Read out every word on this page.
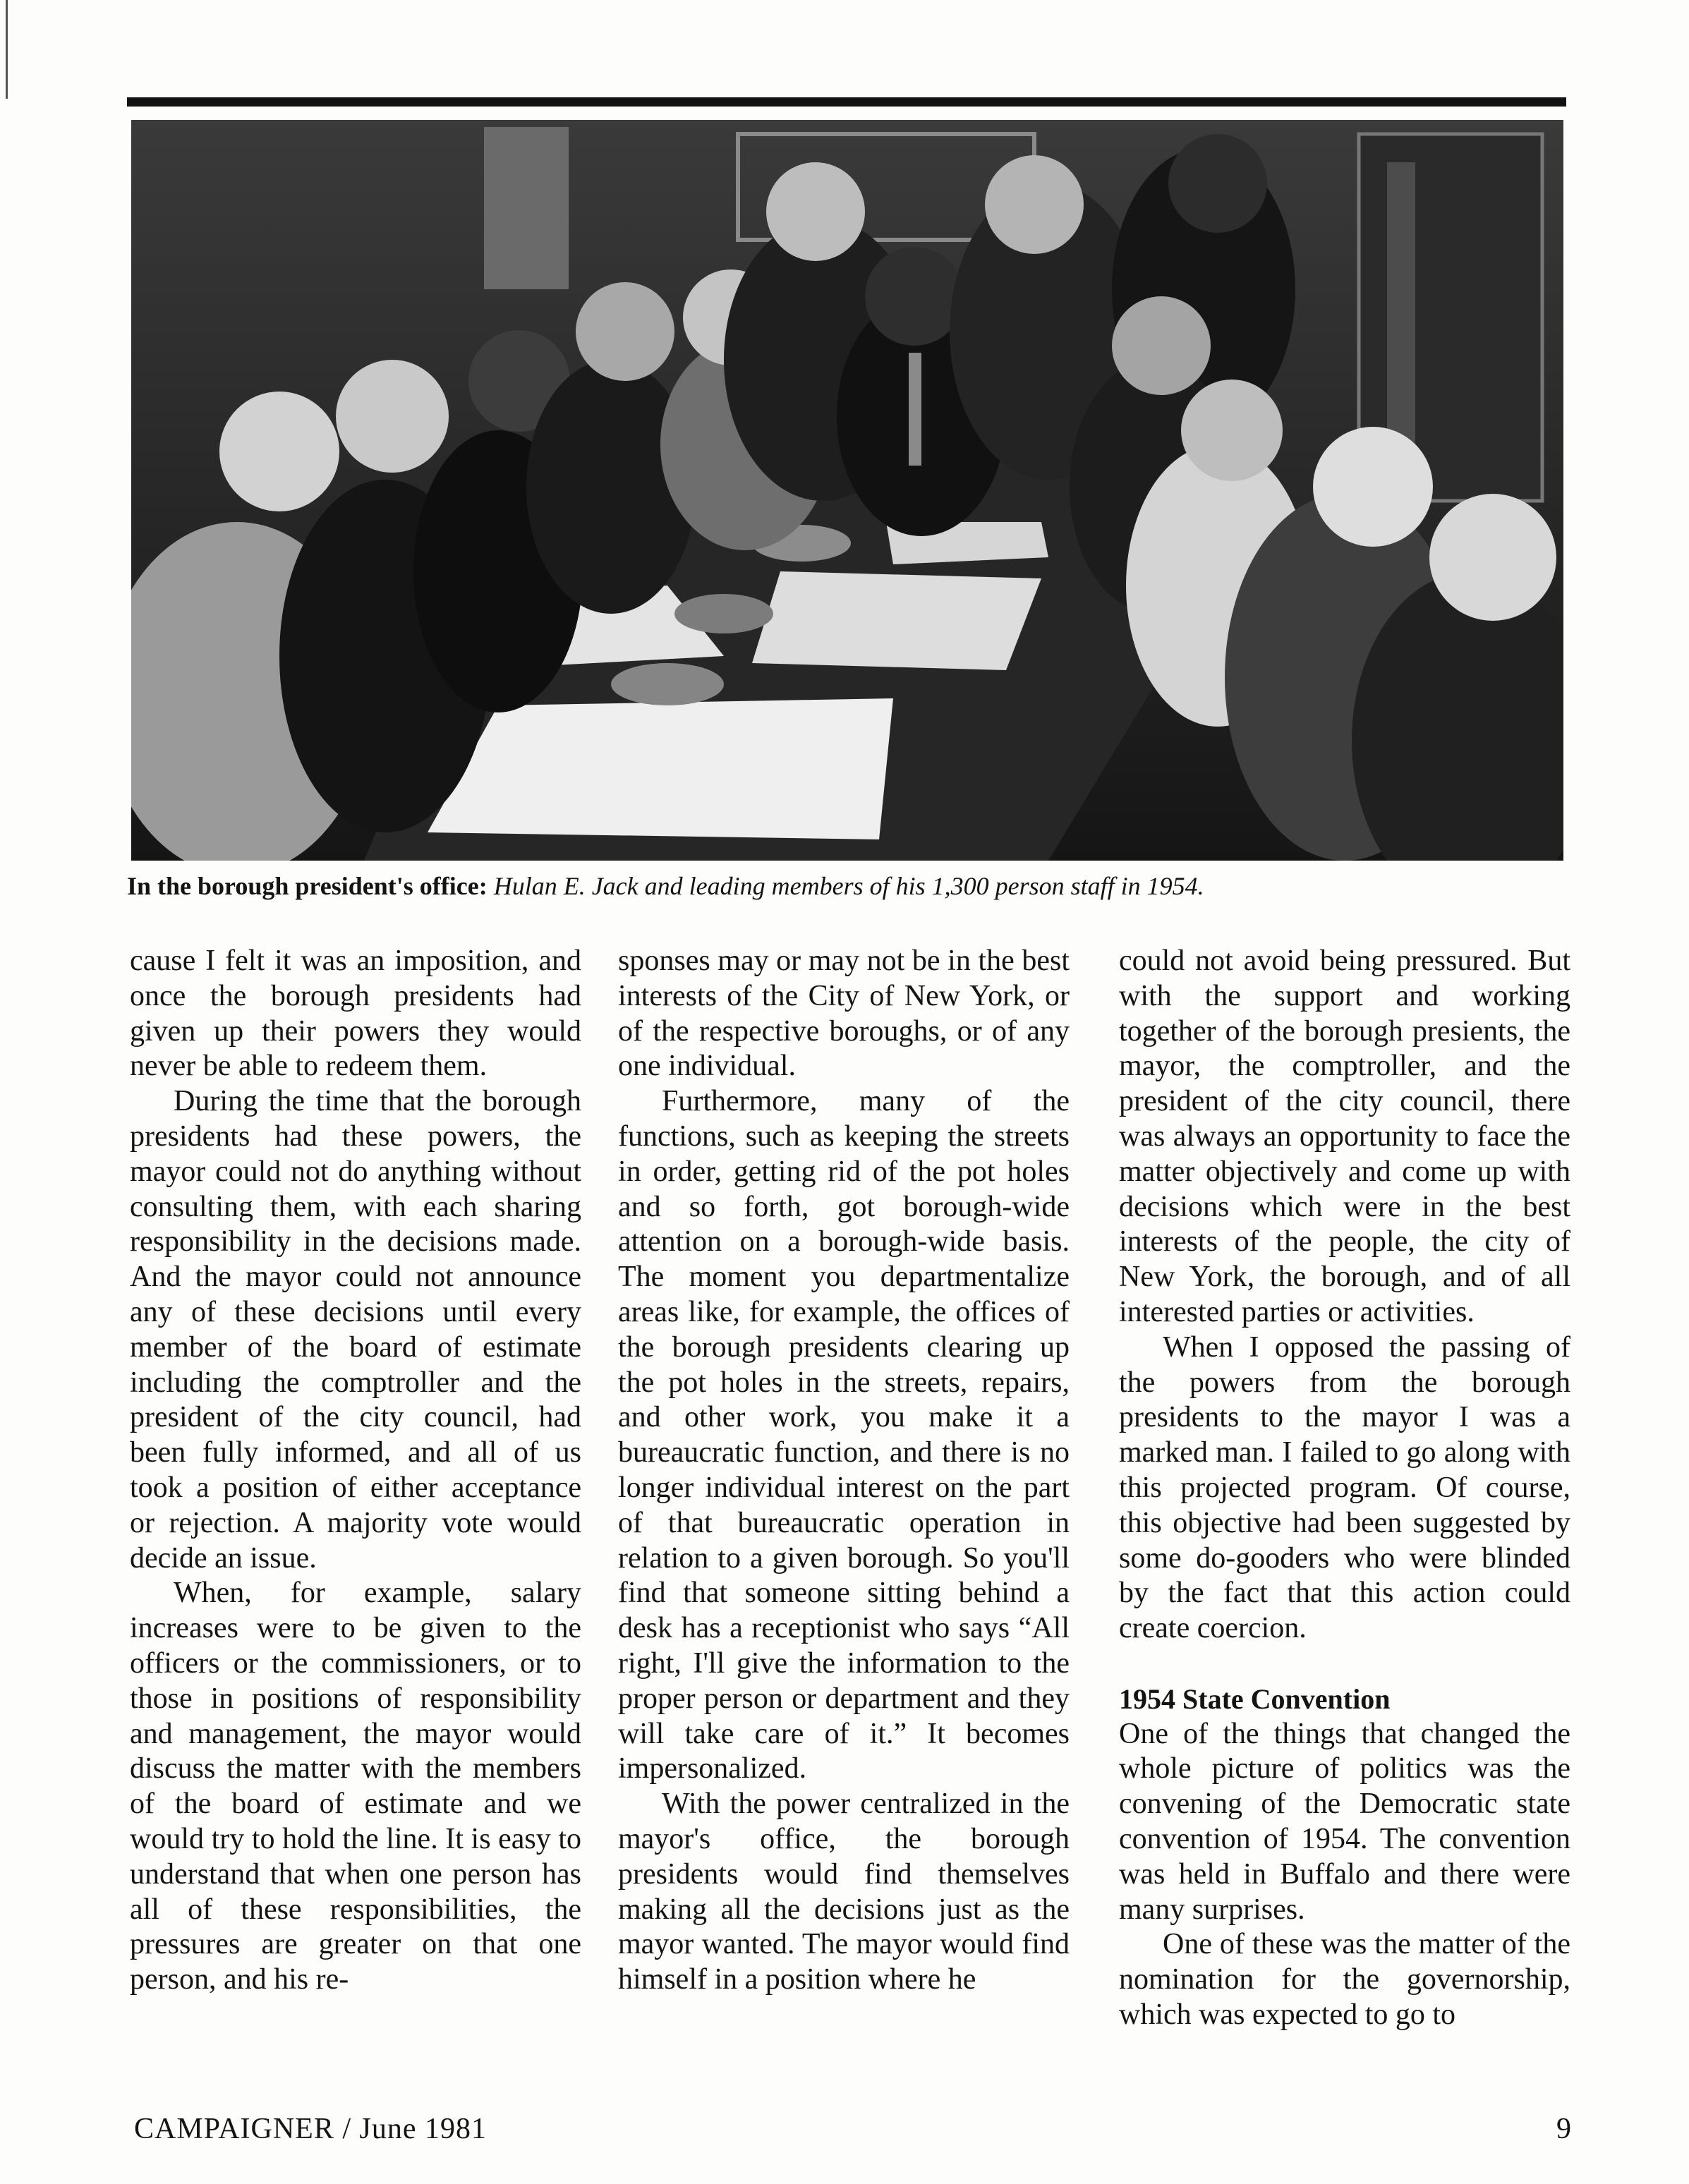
In the borough president's office: Hulan E. Jack and leading members of his 1,300 person staff in 1954.

cause I felt it was an imposition, and once the borough presidents had given up their powers they would never be able to redeem them.

During the time that the borough presidents had these powers, the mayor could not do anything without consulting them, with each sharing responsibility in the decisions made. And the mayor could not announce any of these decisions until every member of the board of estimate including the comptroller and the president of the city council, had been fully informed, and all of us took a position of either acceptance or rejection. A majority vote would decide an issue.

When, for example, salary increases were to be given to the officers or the commissioners, or to those in positions of responsibility and management, the mayor would discuss the matter with the members of the board of estimate and we would try to hold the line. It is easy to understand that when one person has all of these responsibilities, the pressures are greater on that one person, and his re-

sponses may or may not be in the best interests of the City of New York, or of the respective boroughs, or of any one individual.

Furthermore, many of the functions, such as keeping the streets in order, getting rid of the pot holes and so forth, got borough-wide attention on a borough-wide basis. The moment you departmentalize areas like, for example, the offices of the borough presidents clearing up the pot holes in the streets, repairs, and other work, you make it a bureaucratic function, and there is no longer individual interest on the part of that bureaucratic operation in relation to a given borough. So you'll find that someone sitting behind a desk has a receptionist who says “All right, I'll give the information to the proper person or department and they will take care of it.” It becomes impersonalized.

With the power centralized in the mayor's office, the borough presidents would find themselves making all the decisions just as the mayor wanted. The mayor would find himself in a position where he

could not avoid being pressured. But with the support and working together of the borough presients, the mayor, the comptroller, and the president of the city council, there was always an opportunity to face the matter objectively and come up with decisions which were in the best interests of the people, the city of New York, the borough, and of all interested parties or activities.

When I opposed the passing of the powers from the borough presidents to the mayor I was a marked man. I failed to go along with this projected program. Of course, this objective had been suggested by some do-gooders who were blinded by the fact that this action could create coercion.

1954 State Convention

One of the things that changed the whole picture of politics was the convening of the Democratic state convention of 1954. The convention was held in Buffalo and there were many surprises.

One of these was the matter of the nomination for the governorship, which was expected to go to

CAMPAIGNER / June 1981	9
